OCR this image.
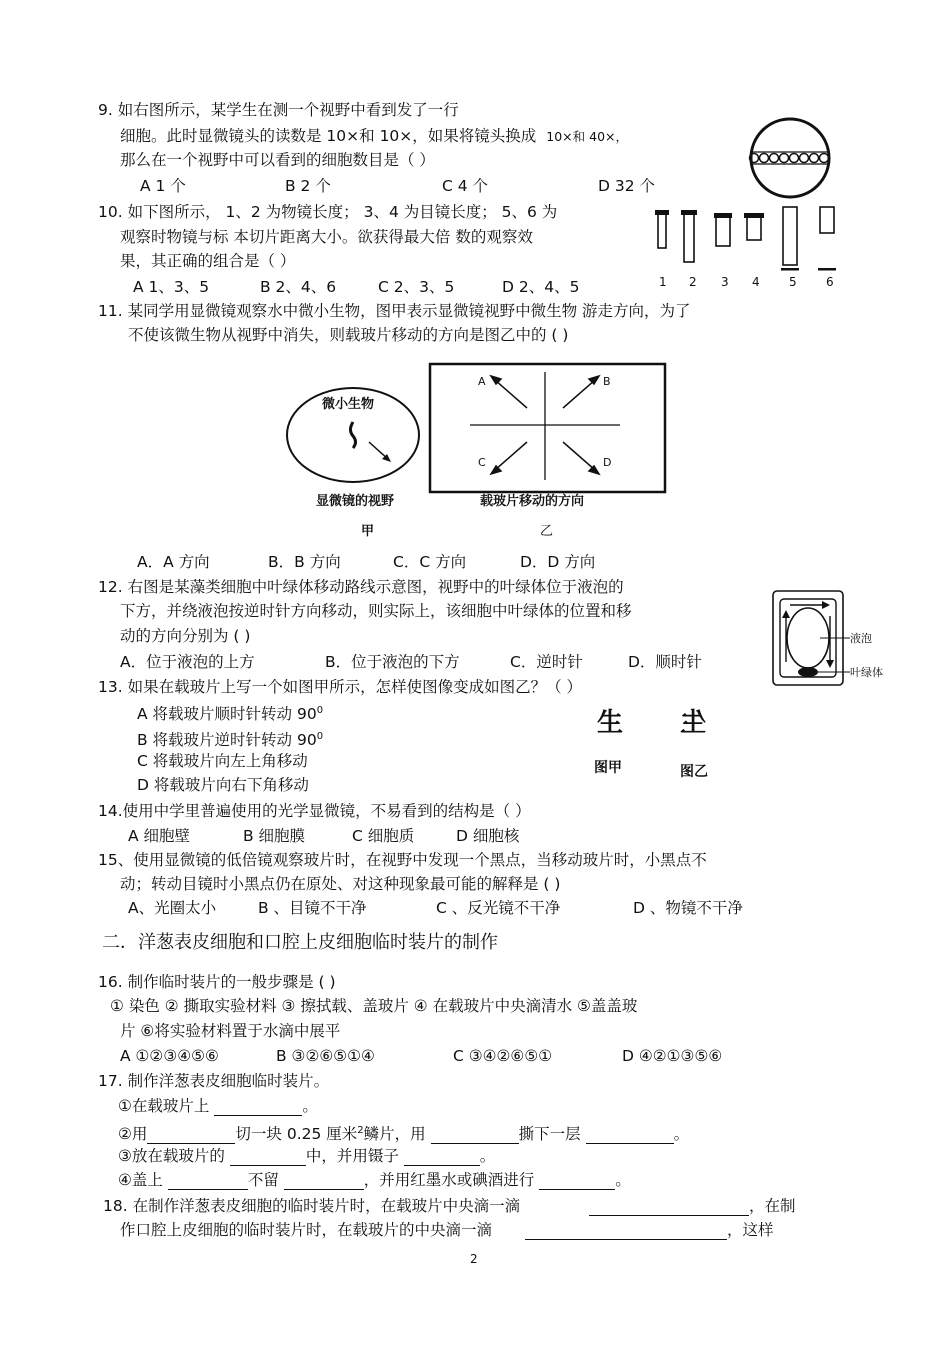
9. 如右图所示，某学生在测一个视野中看到发了一行
细胞。此时显微镜头的读数是 10×和 10×，如果将镜头换成 10×和 40×，
那么在一个视野中可以看到的细胞数目是（ ）
A 1 个	B 2 个	C 4 个	D 32 个
10. 如下图所示， 1、2 为物镜长度； 3、4 为目镜长度； 5、6 为
观察时物镜与标 本切片距离大小。欲获得最大倍 数的观察效
果，其正确的组合是（ ）
A 1、3、5	B 2、4、6	C 2、3、5	D 2、4、5	1 2 3 4 5 6
11. 某同学用显微镜观察水中微小生物，图甲表示显微镜视野中微生物 游走方向，为了
不使该微生物从视野中消失，则载玻片移动的方向是图乙中的 ( )
微小生物
A	B
C	D
显微镜的视野	载玻片移动的方向
甲	乙
A．A 方向	B．B 方向	C．C 方向	D．D 方向
12. 右图是某藻类细胞中叶绿体移动路线示意图，视野中的叶绿体位于液泡的
下方，并绕液泡按逆时针方向移动，则实际上，该细胞中叶绿体的位置和移
动的方向分别为 ( )
A．位于液泡的上方	B．位于液泡的下方	C．逆时针	D．顺时针
液泡
叶绿体
13. 如果在载玻片上写一个如图甲所示，怎样使图像变成如图乙？（ ）
A 将载玻片顺时针转动 $90^0$
B 将载玻片逆时针转动 $90^0$
C 将载玻片向左上角移动
D 将载玻片向右下角移动
生 生
图甲	图乙
14.使用中学里普遍使用的光学显微镜，不易看到的结构是（ ）
A 细胞壁	B 细胞膜	C 细胞质	D 细胞核
15、使用显微镜的低倍镜观察玻片时，在视野中发现一个黑点，当移动玻片时，小黑点不
动；转动目镜时小黑点仍在原处、对这种现象最可能的解释是 ( )
A、光圈太小	B 、目镜不干净	C 、反光镜不干净	D 、物镜不干净
二．洋葱表皮细胞和口腔上皮细胞临时装片的制作
16. 制作临时装片的一般步骤是 ( )
① 染色 ② 撕取实验材料 ③ 擦拭载、盖玻片 ④ 在载玻片中央滴清水 ⑤盖盖玻
片 ⑥将实验材料置于水滴中展平
A ①②③④⑤⑥	B ③②⑥⑤①④	C ③④②⑥⑤①	D ④②①③⑤⑥
17. 制作洋葱表皮细胞临时装片。
①在载玻片上	。
②用	切一块 0.25 厘米$^2$鳞片，用	撕下一层	。
③放在载玻片的	中，并用镊子	。
④盖上	不留	，并用红墨水或碘酒进行	。
18. 在制作洋葱表皮细胞的临时装片时，在载玻片中央滴一滴	，在制
作口腔上皮细胞的临时装片时，在载玻片的中央滴一滴	，这样
2
